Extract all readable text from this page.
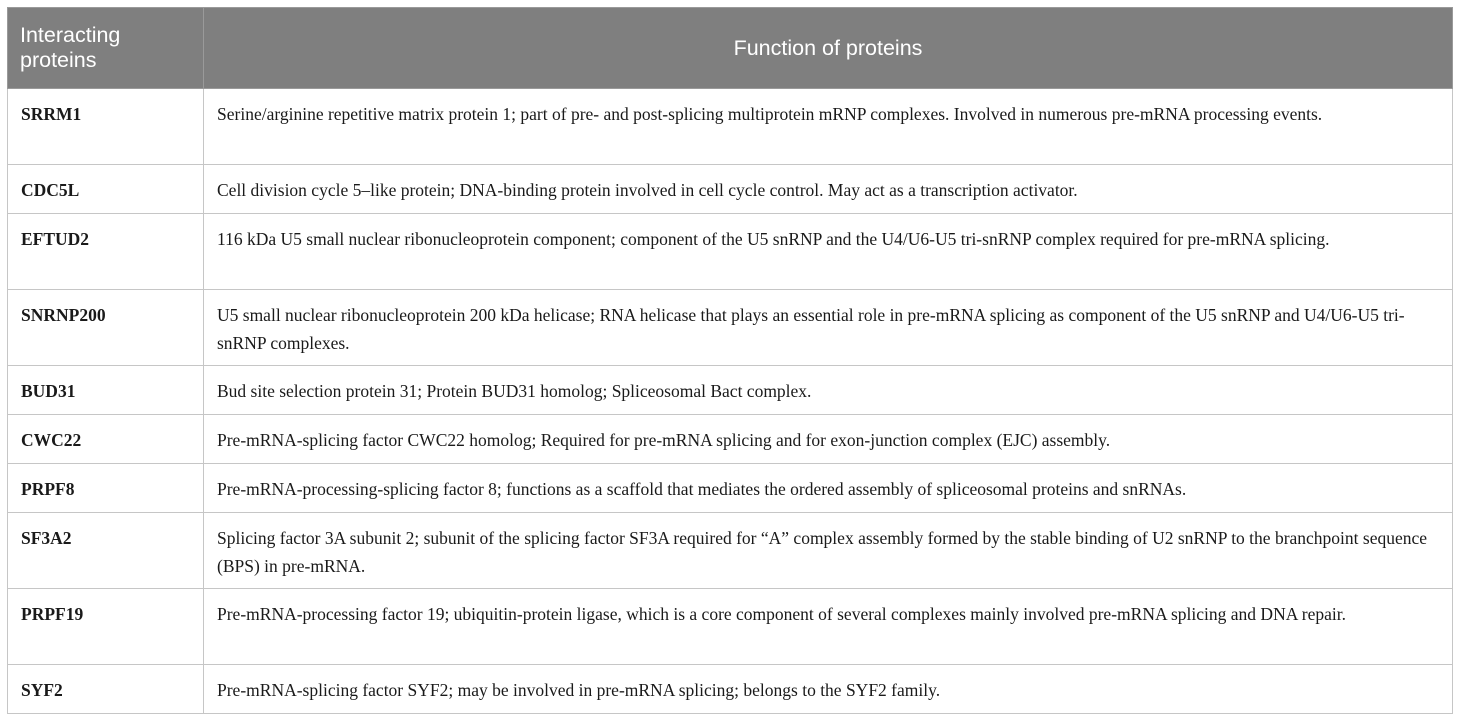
Interacting proteins	Function of proteins
SRRM1	Serine/arginine repetitive matrix protein 1; part of pre- and post-splicing multiprotein mRNP complexes. Involved in numerous pre-mRNA processing events.
CDC5L	Cell division cycle 5–like protein; DNA-binding protein involved in cell cycle control. May act as a transcription activator.
EFTUD2	116 kDa U5 small nuclear ribonucleoprotein component; component of the U5 snRNP and the U4/U6-U5 tri-snRNP complex required for pre-mRNA splicing.
SNRNP200	U5 small nuclear ribonucleoprotein 200 kDa helicase; RNA helicase that plays an essential role in pre-mRNA splicing as component of the U5 snRNP and U4/U6-U5 tri-snRNP complexes.
BUD31	Bud site selection protein 31; Protein BUD31 homolog; Spliceosomal Bact complex.
CWC22	Pre-mRNA-splicing factor CWC22 homolog; Required for pre-mRNA splicing and for exon-junction complex (EJC) assembly.
PRPF8	Pre-mRNA-processing-splicing factor 8; functions as a scaffold that mediates the ordered assembly of spliceosomal proteins and snRNAs.
SF3A2	Splicing factor 3A subunit 2; subunit of the splicing factor SF3A required for “A” complex assembly formed by the stable binding of U2 snRNP to the branchpoint sequence (BPS) in pre-mRNA.
PRPF19	Pre-mRNA-processing factor 19; ubiquitin-protein ligase, which is a core component of several complexes mainly involved pre-mRNA splicing and DNA repair.
SYF2	Pre-mRNA-splicing factor SYF2; may be involved in pre-mRNA splicing; belongs to the SYF2 family.
